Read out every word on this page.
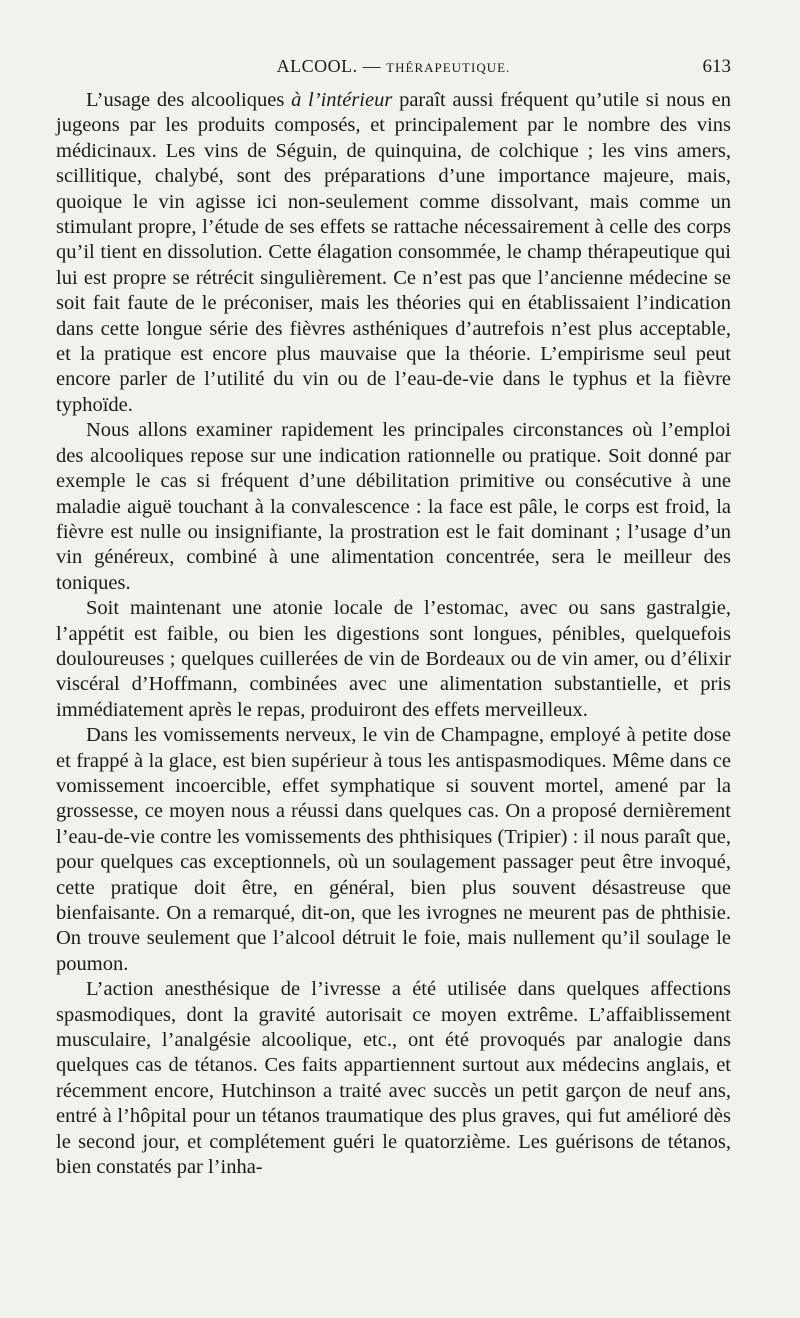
ALCOOL. — THÉRAPEUTIQUE.	613

L’usage des alcooliques à l’intérieur paraît aussi fréquent qu’utile si nous en jugeons par les produits composés, et principalement par le nombre des vins médicinaux. Les vins de Séguin, de quinquina, de colchique ; les vins amers, scillitique, chalybé, sont des préparations d’une importance majeure, mais, quoique le vin agisse ici non-seulement comme dissolvant, mais comme un stimulant propre, l’étude de ses effets se rattache nécessairement à celle des corps qu’il tient en dissolution. Cette élagation consommée, le champ thérapeutique qui lui est propre se rétrécit singulièrement. Ce n’est pas que l’ancienne médecine se soit fait faute de le préconiser, mais les théories qui en établissaient l’indication dans cette longue série des fièvres asthéniques d’autrefois n’est plus acceptable, et la pratique est encore plus mauvaise que la théorie. L’empirisme seul peut encore parler de l’utilité du vin ou de l’eau-de-vie dans le typhus et la fièvre typhoïde.

Nous allons examiner rapidement les principales circonstances où l’emploi des alcooliques repose sur une indication rationnelle ou pratique. Soit donné par exemple le cas si fréquent d’une débilitation primitive ou consécutive à une maladie aiguë touchant à la convalescence : la face est pâle, le corps est froid, la fièvre est nulle ou insignifiante, la prostration est le fait dominant ; l’usage d’un vin généreux, combiné à une alimentation concentrée, sera le meilleur des toniques.

Soit maintenant une atonie locale de l’estomac, avec ou sans gastralgie, l’appétit est faible, ou bien les digestions sont longues, pénibles, quelquefois douloureuses ; quelques cuillerées de vin de Bordeaux ou de vin amer, ou d’élixir viscéral d’Hoffmann, combinées avec une alimentation substantielle, et pris immédiatement après le repas, produiront des effets merveilleux.

Dans les vomissements nerveux, le vin de Champagne, employé à petite dose et frappé à la glace, est bien supérieur à tous les antispasmodiques. Même dans ce vomissement incoercible, effet symphatique si souvent mortel, amené par la grossesse, ce moyen nous a réussi dans quelques cas. On a proposé dernièrement l’eau-de-vie contre les vomissements des phthisiques (Tripier) : il nous paraît que, pour quelques cas exceptionnels, où un soulagement passager peut être invoqué, cette pratique doit être, en général, bien plus souvent désastreuse que bienfaisante. On a remarqué, dit-on, que les ivrognes ne meurent pas de phthisie. On trouve seulement que l’alcool détruit le foie, mais nullement qu’il soulage le poumon.

L’action anesthésique de l’ivresse a été utilisée dans quelques affections spasmodiques, dont la gravité autorisait ce moyen extrême. L’affaiblissement musculaire, l’analgésie alcoolique, etc., ont été provoqués par analogie dans quelques cas de tétanos. Ces faits appartiennent surtout aux médecins anglais, et récemment encore, Hutchinson a traité avec succès un petit garçon de neuf ans, entré à l’hôpital pour un tétanos traumatique des plus graves, qui fut amélioré dès le second jour, et complétement guéri le quatorzième. Les guérisons de tétanos, bien constatés par l’inha-
